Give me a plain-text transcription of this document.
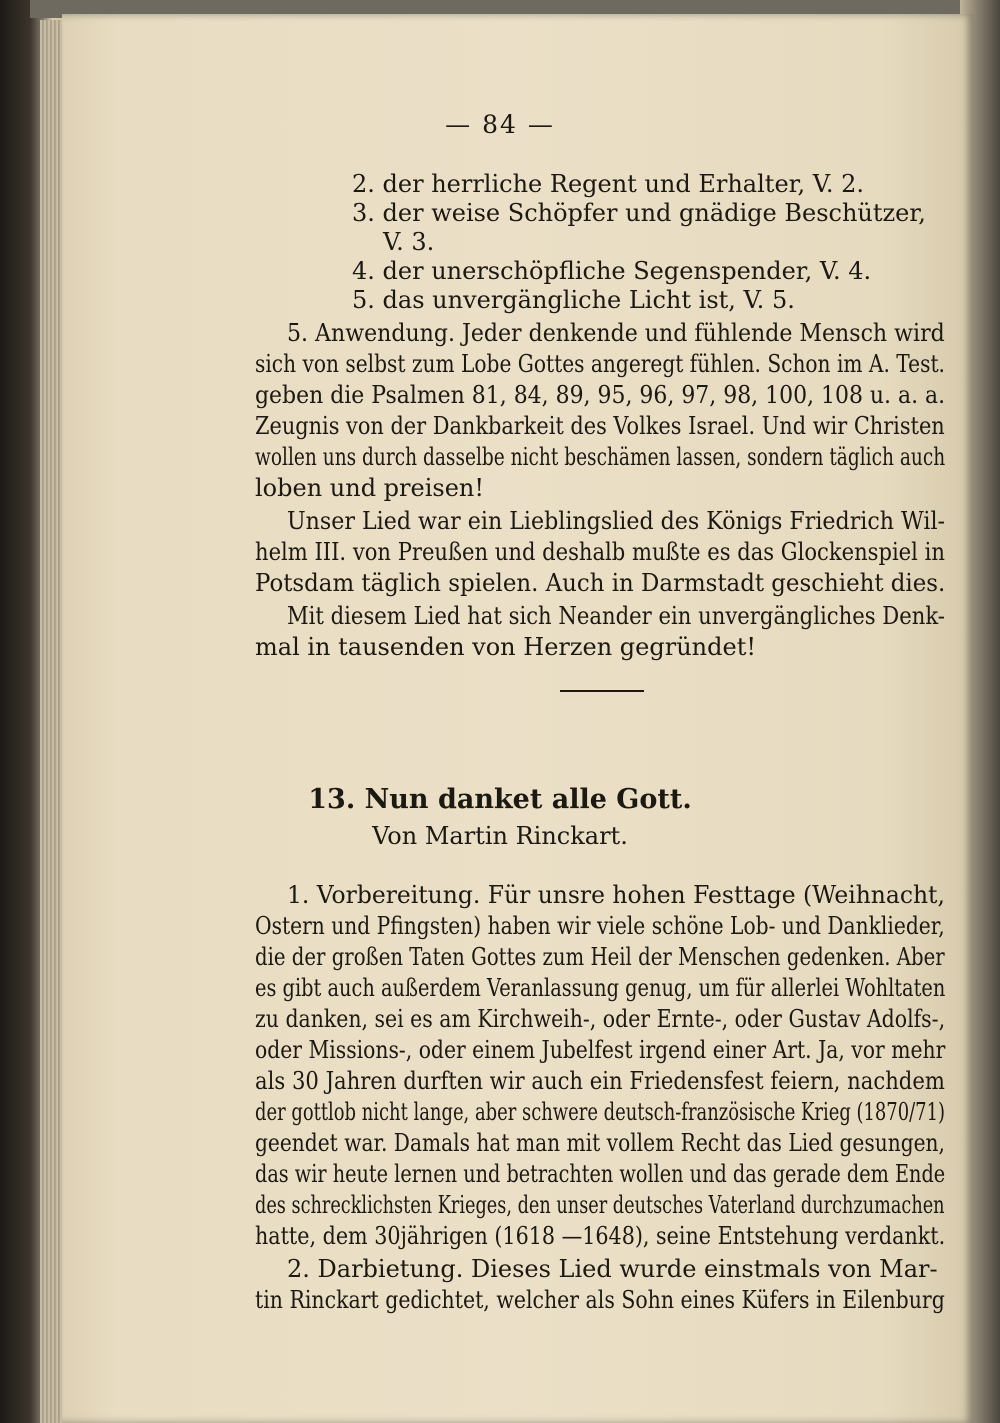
— 84 —
2. der herrliche Regent und Erhalter, V. 2.
3. der weise Schöpfer und gnädige Beschützer,
V. 3.
4. der unerschöpfliche Segenspender, V. 4.
5. das unvergängliche Licht ist, V. 5.
5. Anwendung. Jeder denkende und fühlende Mensch wird
sich von selbst zum Lobe Gottes angeregt fühlen. Schon im A. Test.
geben die Psalmen 81, 84, 89, 95, 96, 97, 98, 100, 108 u. a. a.
Zeugnis von der Dankbarkeit des Volkes Israel. Und wir Christen
wollen uns durch dasselbe nicht beschämen lassen, sondern täglich auch
loben und preisen!
Unser Lied war ein Lieblingslied des Königs Friedrich Wil-
helm III. von Preußen und deshalb mußte es das Glockenspiel in
Potsdam täglich spielen. Auch in Darmstadt geschieht dies.
Mit diesem Lied hat sich Neander ein unvergängliches Denk-
mal in tausenden von Herzen gegründet!
13. Nun danket alle Gott.
Von Martin Rinckart.
1. Vorbereitung. Für unsre hohen Festtage (Weihnacht,
Ostern und Pfingsten) haben wir viele schöne Lob- und Danklieder,
die der großen Taten Gottes zum Heil der Menschen gedenken. Aber
es gibt auch außerdem Veranlassung genug, um für allerlei Wohltaten
zu danken, sei es am Kirchweih-, oder Ernte-, oder Gustav Adolfs-,
oder Missions-, oder einem Jubelfest irgend einer Art. Ja, vor mehr
als 30 Jahren durften wir auch ein Friedensfest feiern, nachdem
der gottlob nicht lange, aber schwere deutsch-französische Krieg (1870/71)
geendet war. Damals hat man mit vollem Recht das Lied gesungen,
das wir heute lernen und betrachten wollen und das gerade dem Ende
des schrecklichsten Krieges, den unser deutsches Vaterland durchzumachen
hatte, dem 30jährigen (1618 —1648), seine Entstehung verdankt.
2. Darbietung. Dieses Lied wurde einstmals von Mar-
tin Rinckart gedichtet, welcher als Sohn eines Küfers in Eilenburg
